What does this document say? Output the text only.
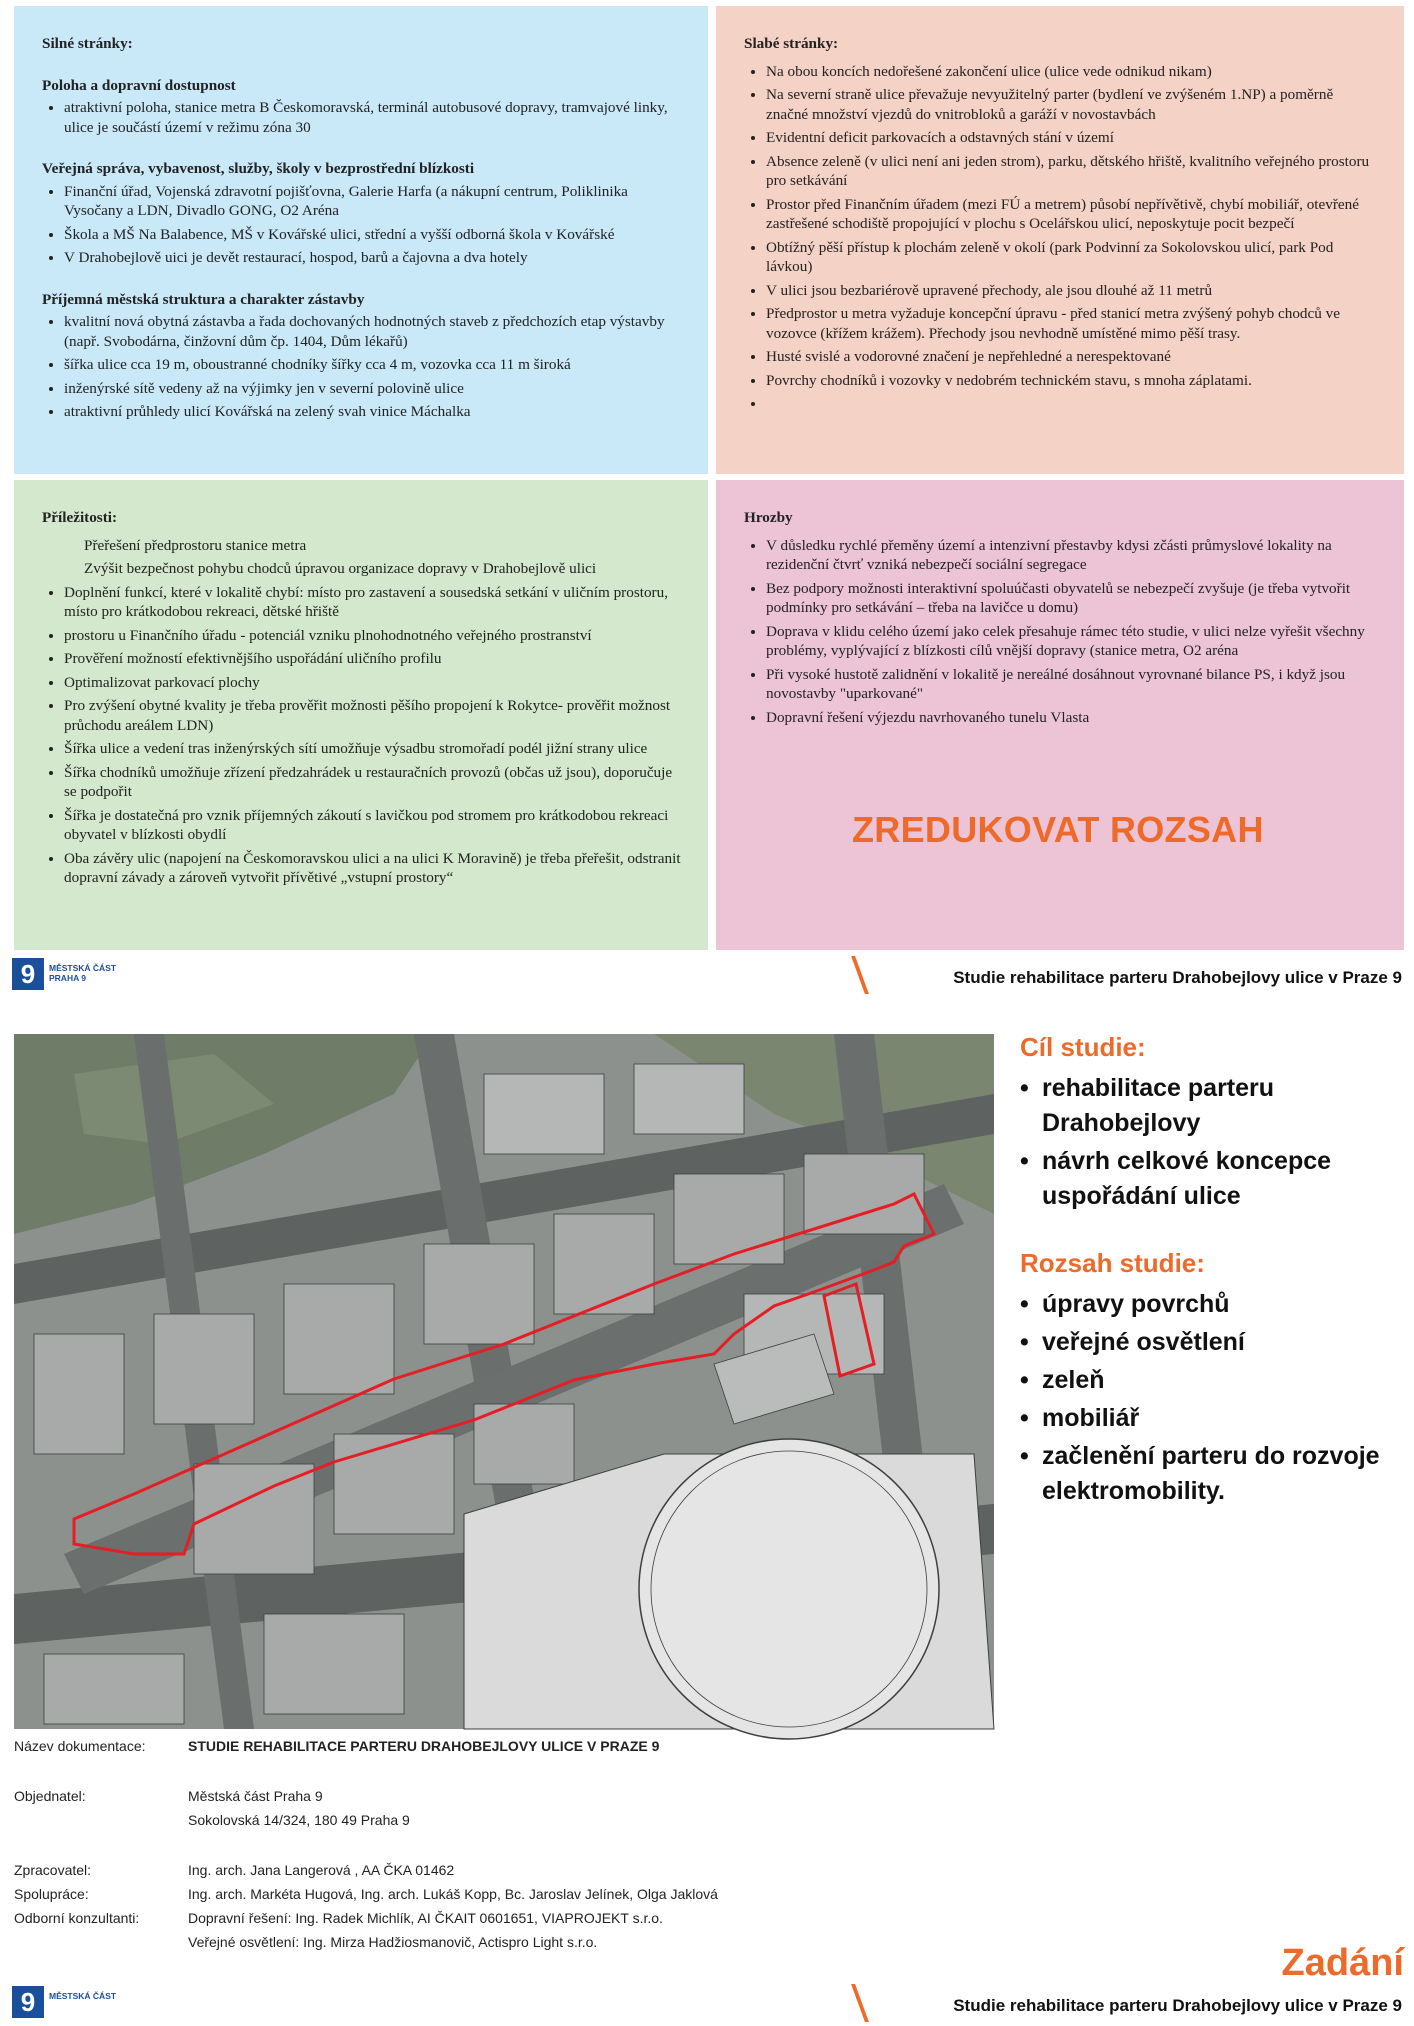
Silné stránky:
Poloha a dopravní dostupnost
• atraktivní poloha, stanice metra B Českomoravská, terminál autobusové dopravy, tramvajové linky, ulice je součástí území v režimu zóna 30
Veřejná správa, vybavenost, služby, školy v bezprostřední blízkosti
• Finanční úřad, Vojenská zdravotní pojišťovna, Galerie Harfa (a nákupní centrum, Poliklinika Vysočany a LDN, Divadlo GONG, O2 Aréna
• Škola a MŠ Na Balabence, MŠ v Kovářské ulici, střední a vyšší odborná škola v Kovářské
• V Drahobejlově uici je devět restaurací, hospod, barů a čajovna a dva hotely
Příjemná městská struktura a charakter zástavby
• kvalitní nová obytná zástavba a řada dochovaných hodnotných staveb z předchozích etap výstavby (např. Svobodárna, činžovní dům čp. 1404, Dům lékařů)
• šířka ulice cca 19 m, oboustranné chodníky šířky cca 4 m, vozovka cca 11 m široká
• inženýrské sítě vedeny až na výjimky jen v severní polovině ulice
• atraktivní průhledy ulicí Kovářská na zelený svah vinice Máchalka
Slabé stránky:
• Na obou koncích nedořešené zakončení ulice (ulice vede odnikud nikam)
• Na severní straně ulice převažuje nevyužitelný parter (bydlení ve zvýšeném 1.NP) a poměrně značné množství vjezdů do vnitrobloků a garáží v novostavbách
• Evidentní deficit parkovacích a odstavných stání v území
• Absence zeleně (v ulici není ani jeden strom), parku, dětského hřiště, kvalitního veřejného prostoru pro setkávání
• Prostor před Finančním úřadem (mezi FÚ a metrem) působí nepřívětivě, chybí mobiliář, otevřené zastřešené schodiště propojující v plochu s Ocelářskou ulicí, neposkytuje pocit bezpečí
• Obtížný pěší přístup k plochám zeleně v okolí (park Podvinní za Sokolovskou ulicí, park Pod lávkou)
• V ulici jsou bezbariérově upravené přechody, ale jsou dlouhé až 11 metrů
• Předprostor u metra vyžaduje koncepční úpravu - před stanicí metra zvýšený pohyb chodců ve vozovce (křížem krážem). Přechody jsou nevhodně umístěné mimo pěší trasy.
• Husté svislé a vodorovné značení je nepřehledné a nerespektované
• Povrchy chodníků i vozovky v nedobrém technickém stavu, s mnoha záplatami.
•
Příležitosti:
Přeřešení předprostoru stanice metra
Zvýšit bezpečnost pohybu chodců úpravou organizace dopravy v Drahobejlově ulici
• Doplnění funkcí, které v lokalitě chybí: místo pro zastavení a sousedská setkání v uličním prostoru, místo pro krátkodobou rekreaci, dětské hřiště
• prostoru u Finančního úřadu - potenciál vzniku plnohodnotného veřejného prostranství
• Prověření možností efektivnějšího uspořádání uličního profilu
• Optimalizovat parkovací plochy
• Pro zvýšení obytné kvality je třeba prověřit možnosti pěšího propojení k Rokytce- prověřit možnost průchodu areálem LDN)
• Šířka ulice a vedení tras inženýrských sítí umožňuje výsadbu stromořadí podél jižní strany ulice
• Šířka chodníků umožňuje zřízení předzahrádek u restauračních provozů (občas už jsou), doporučuje se podpořit
• Šířka je dostatečná pro vznik příjemných zákoutí s lavičkou pod stromem pro krátkodobou rekreaci obyvatel v blízkosti obydlí
• Oba závěry ulic (napojení na Českomoravskou ulici a na ulici K Moravině) je třeba přeřešit, odstranit dopravní závady a zároveň vytvořit přívětivé „vstupní prostory“
Hrozby
• V důsledku rychlé přeměny území a intenzivní přestavby kdysi zčásti průmyslové lokality na rezidenční čtvrť vzniká nebezpečí sociální segregace
• Bez podpory možnosti interaktivní spoluúčasti obyvatelů se nebezpečí zvyšuje (je třeba vytvořit podmínky pro setkávání – třeba na lavičce u domu)
• Doprava v klidu celého území jako celek přesahuje rámec této studie, v ulici nelze vyřešit všechny problémy, vyplývající z blízkosti cílů vnější dopravy (stanice metra, O2 aréna
• Při vysoké hustotě zalidnění v lokalitě je nereálné dosáhnout vyrovnané bilance PS, i když jsou novostavby "uparkované"
• Dopravní řešení výjezdu navrhovaného tunelu Vlasta
ZREDUKOVAT ROZSAH
9	MĚSTSKÁ ČÁST
PRAHA 9	Studie rehabilitace parteru Drahobejlovy ulice v Praze 9
Cíl studie:
• rehabilitace parteru Drahobejlovy
• návrh celkové koncepce uspořádání ulice
Rozsah studie:
• úpravy povrchů
• veřejné osvětlení
• zeleň
• mobiliář
• začlenění parteru do rozvoje elektromobility.
Název dokumentace:	STUDIE REHABILITACE PARTERU DRAHOBEJLOVY ULICE V PRAZE 9
Objednatel:	Městská část Praha 9
Sokolovská 14/324, 180 49 Praha 9
Zpracovatel:	Ing. arch. Jana Langerová , AA ČKA 01462
Spolupráce:	Ing. arch. Markéta Hugová, Ing. arch. Lukáš Kopp, Bc. Jaroslav Jelínek, Olga Jaklová
Odborní konzultanti:	Dopravní řešení: Ing. Radek Michlík, AI ČKAIT 0601651, VIAPROJEKT s.r.o.
Veřejné osvětlení: Ing. Mirza Hadžiosmanovič, Actispro Light s.r.o.	Zadání
9	MĚSTSKÁ ČÁST	Studie rehabilitace parteru Drahobejlovy ulice v Praze 9
